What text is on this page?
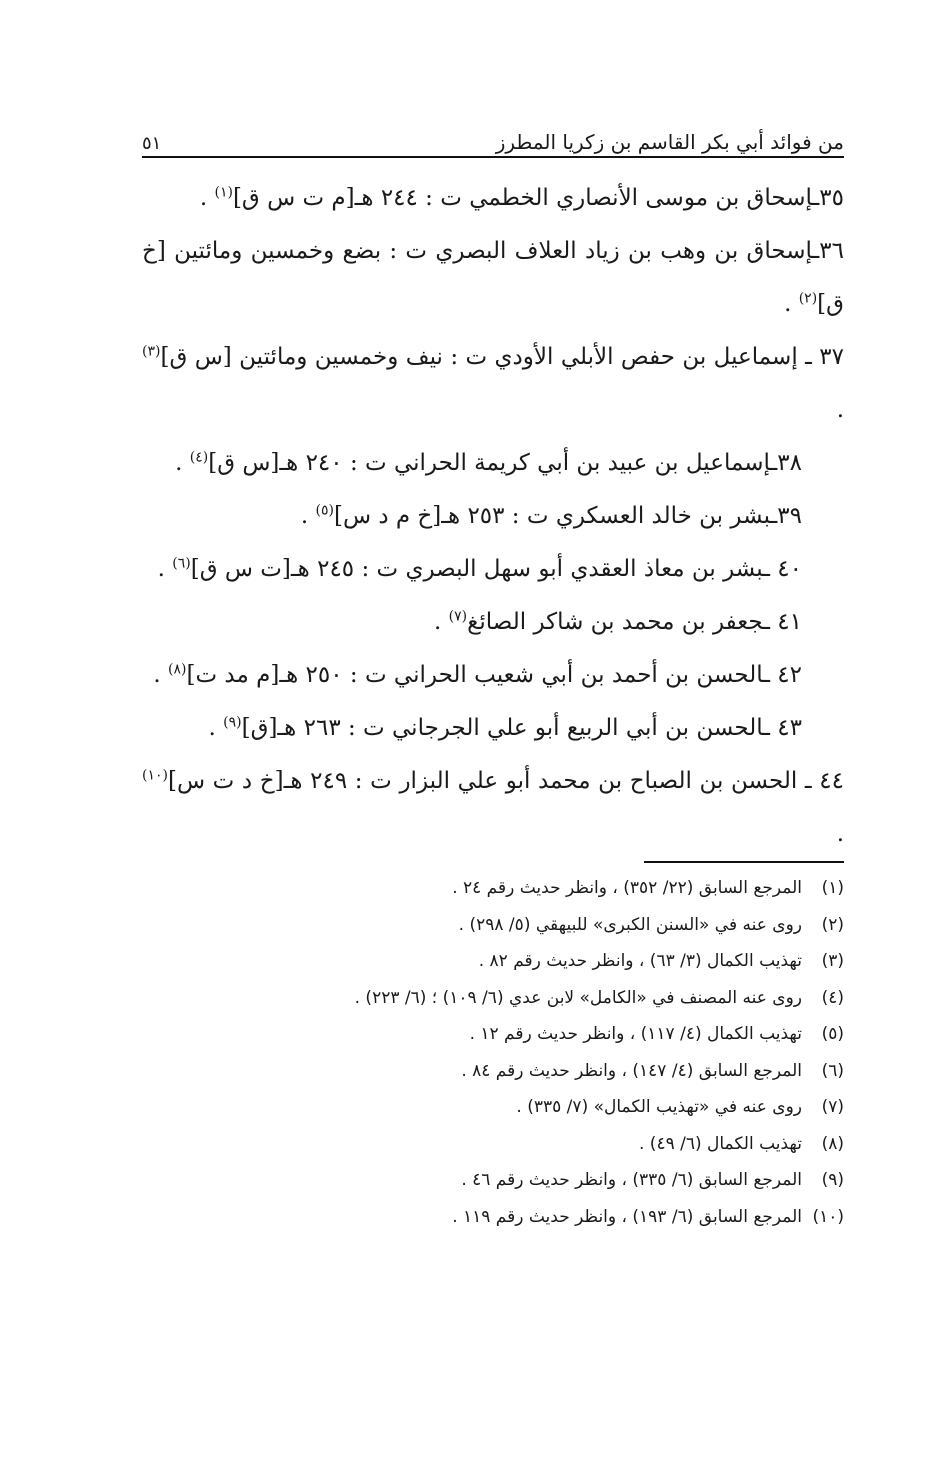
من فوائد أبي بكر القاسم بن زكريا المطرز
٥١

٣٥ـإسحاق بن موسى الأنصاري الخطمي ت : ٢٤٤ هـ[م ت س ق]$^{(١)}$ .

٣٦ـإسحاق بن وهب بن زياد العلاف البصري ت : بضع وخمسين ومائتين [خ ق]$^{(٢)}$ .

٣٧ ـ إسماعيل بن حفص الأبلي الأودي ت : نيف وخمسين ومائتين [س ق]$^{(٣)}$ .

٣٨ـإسماعيل بن عبيد بن أبي كريمة الحراني ت : ٢٤٠ هـ[س ق]$^{(٤)}$ .

٣٩ـبشر بن خالد العسكري ت : ٢٥٣ هـ[خ م د س]$^{(٥)}$ .

٤٠ ـبشر بن معاذ العقدي أبو سهل البصري ت : ٢٤٥ هـ[ت س ق]$^{(٦)}$ .

٤١ ـجعفر بن محمد بن شاكر الصائغ$^{(٧)}$ .

٤٢ ـالحسن بن أحمد بن أبي شعيب الحراني ت : ٢٥٠ هـ[م مد ت]$^{(٨)}$ .

٤٣ ـالحسن بن أبي الربيع أبو علي الجرجاني ت : ٢٦٣ هـ[ق]$^{(٩)}$ .

٤٤ ـ الحسن بن الصباح بن محمد أبو علي البزار ت : ٢٤٩ هـ[خ د ت س]$^{(١٠)}$ .

(١)المرجع السابق (٢٢/ ٣٥٢) ، وانظر حديث رقم ٢٤ .

(٢)روى عنه في «السنن الكبرى» للبيهقي (٥/ ٢٩٨) .

(٣)تهذيب الكمال (٣/ ٦٣) ، وانظر حديث رقم ٨٢ .

(٤)روى عنه المصنف في «الكامل» لابن عدي (٦/ ١٠٩) ؛ (٦/ ٢٢٣) .

(٥)تهذيب الكمال (٤/ ١١٧) ، وانظر حديث رقم ١٢ .

(٦)المرجع السابق (٤/ ١٤٧) ، وانظر حديث رقم ٨٤ .

(٧)روى عنه في «تهذيب الكمال» (٧/ ٣٣٥) .

(٨)تهذيب الكمال (٦/ ٤٩) .

(٩)المرجع السابق (٦/ ٣٣٥) ، وانظر حديث رقم ٤٦ .

(١٠)المرجع السابق (٦/ ١٩٣) ، وانظر حديث رقم ١١٩ .
